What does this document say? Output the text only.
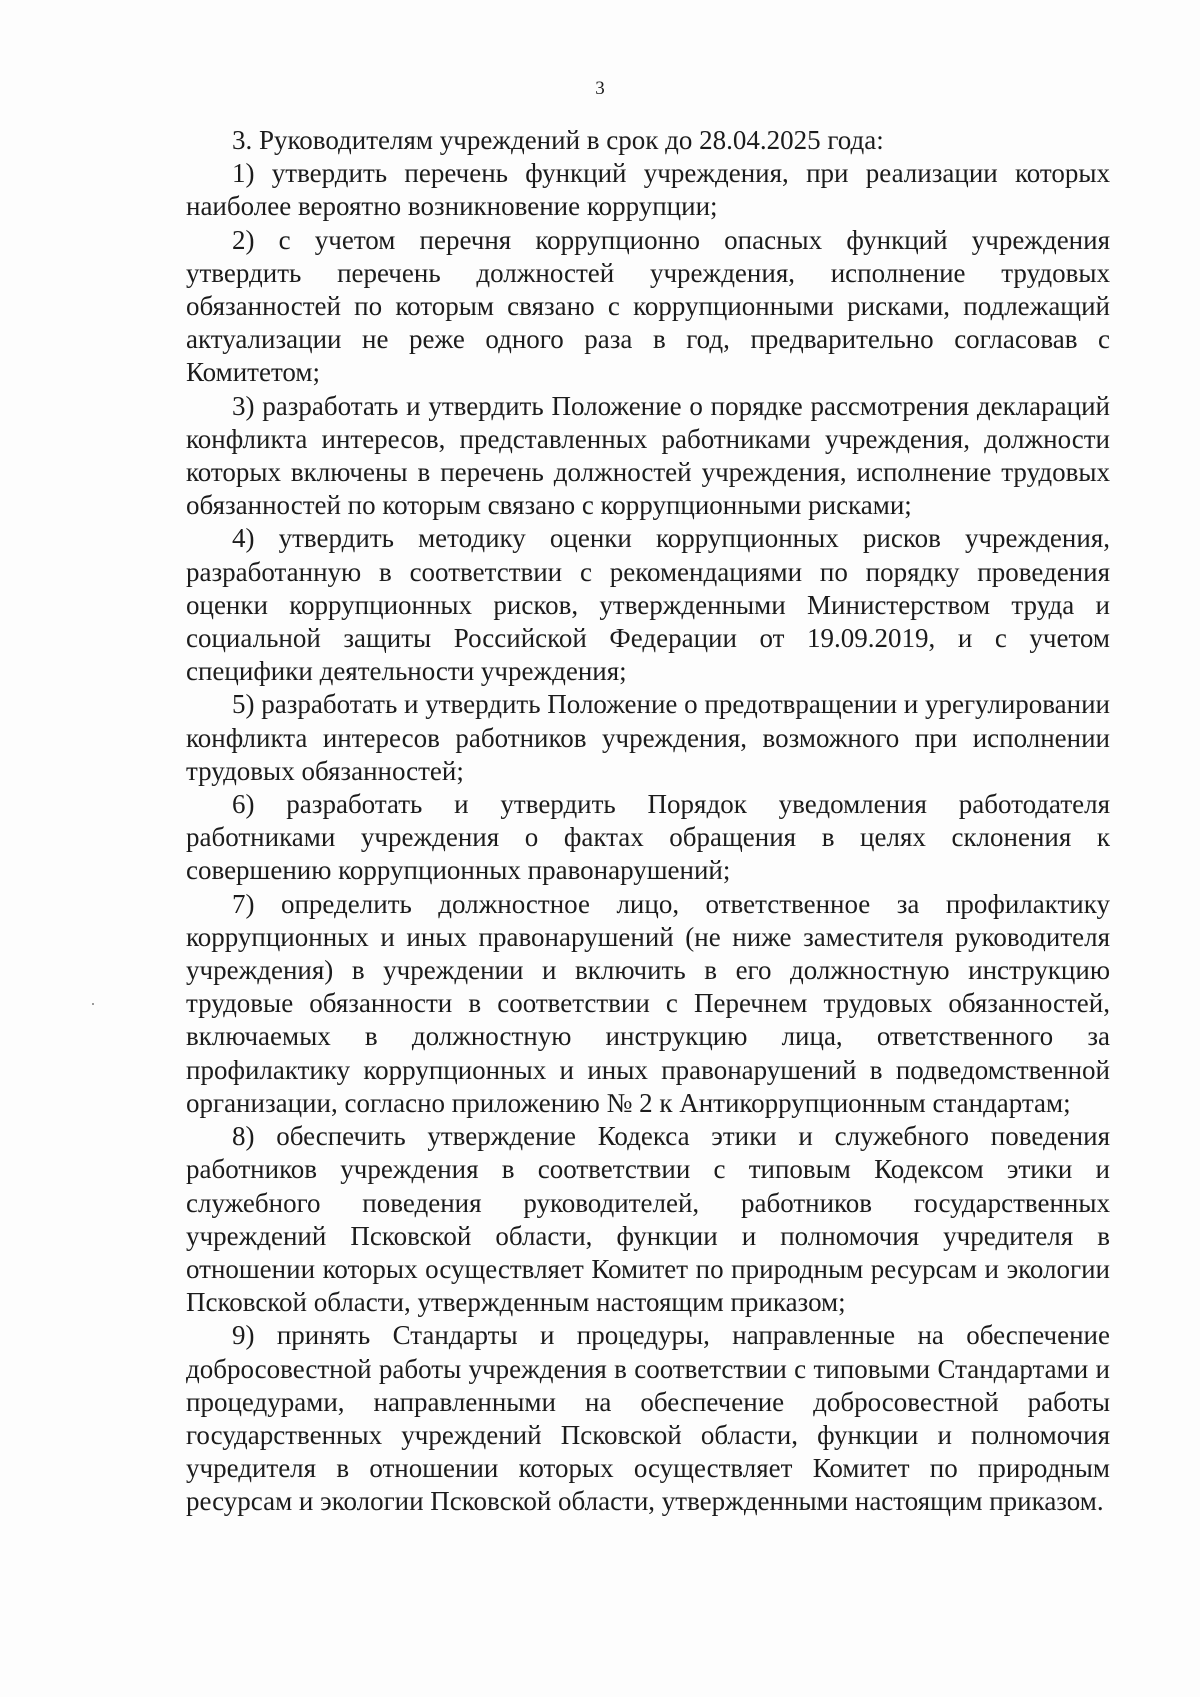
3

3. Руководителям учреждений в срок до 28.04.2025 года:

1) утвердить перечень функций учреждения, при реализации которых наиболее вероятно возникновение коррупции;

2) с учетом перечня коррупционно опасных функций учреждения утвердить перечень должностей учреждения, исполнение трудовых обязанностей по которым связано с коррупционными рисками, подлежащий актуализации не реже одного раза в год, предварительно согласовав с Комитетом;

3) разработать и утвердить Положение о порядке рассмотрения деклараций конфликта интересов, представленных работниками учреждения, должности которых включены в перечень должностей учреждения, исполнение трудовых обязанностей по которым связано с коррупционными рисками;

4) утвердить методику оценки коррупционных рисков учреждения, разработанную в соответствии с рекомендациями по порядку проведения оценки коррупционных рисков, утвержденными Министерством труда и социальной защиты Российской Федерации от 19.09.2019, и с учетом специфики деятельности учреждения;

5) разработать и утвердить Положение о предотвращении и урегулировании конфликта интересов работников учреждения, возможного при исполнении трудовых обязанностей;

6) разработать и утвердить Порядок уведомления работодателя работниками учреждения о фактах обращения в целях склонения к совершению коррупционных правонарушений;

7) определить должностное лицо, ответственное за профилактику коррупционных и иных правонарушений (не ниже заместителя руководителя учреждения) в учреждении и включить в его должностную инструкцию трудовые обязанности в соответствии с Перечнем трудовых обязанностей, включаемых в должностную инструкцию лица, ответственного за профилактику коррупционных и иных правонарушений в подведомственной организации, согласно приложению № 2 к Антикоррупционным стандартам;

8) обеспечить утверждение Кодекса этики и служебного поведения работников учреждения в соответствии с типовым Кодексом этики и служебного поведения руководителей, работников государственных учреждений Псковской области, функции и полномочия учредителя в отношении которых осуществляет Комитет по природным ресурсам и экологии Псковской области, утвержденным настоящим приказом;

9) принять Стандарты и процедуры, направленные на обеспечение добросовестной работы учреждения в соответствии с типовыми Стандартами и процедурами, направленными на обеспечение добросовестной работы государственных учреждений Псковской области, функции и полномочия учредителя в отношении которых осуществляет Комитет по природным ресурсам и экологии Псковской области, утвержденными настоящим приказом.
